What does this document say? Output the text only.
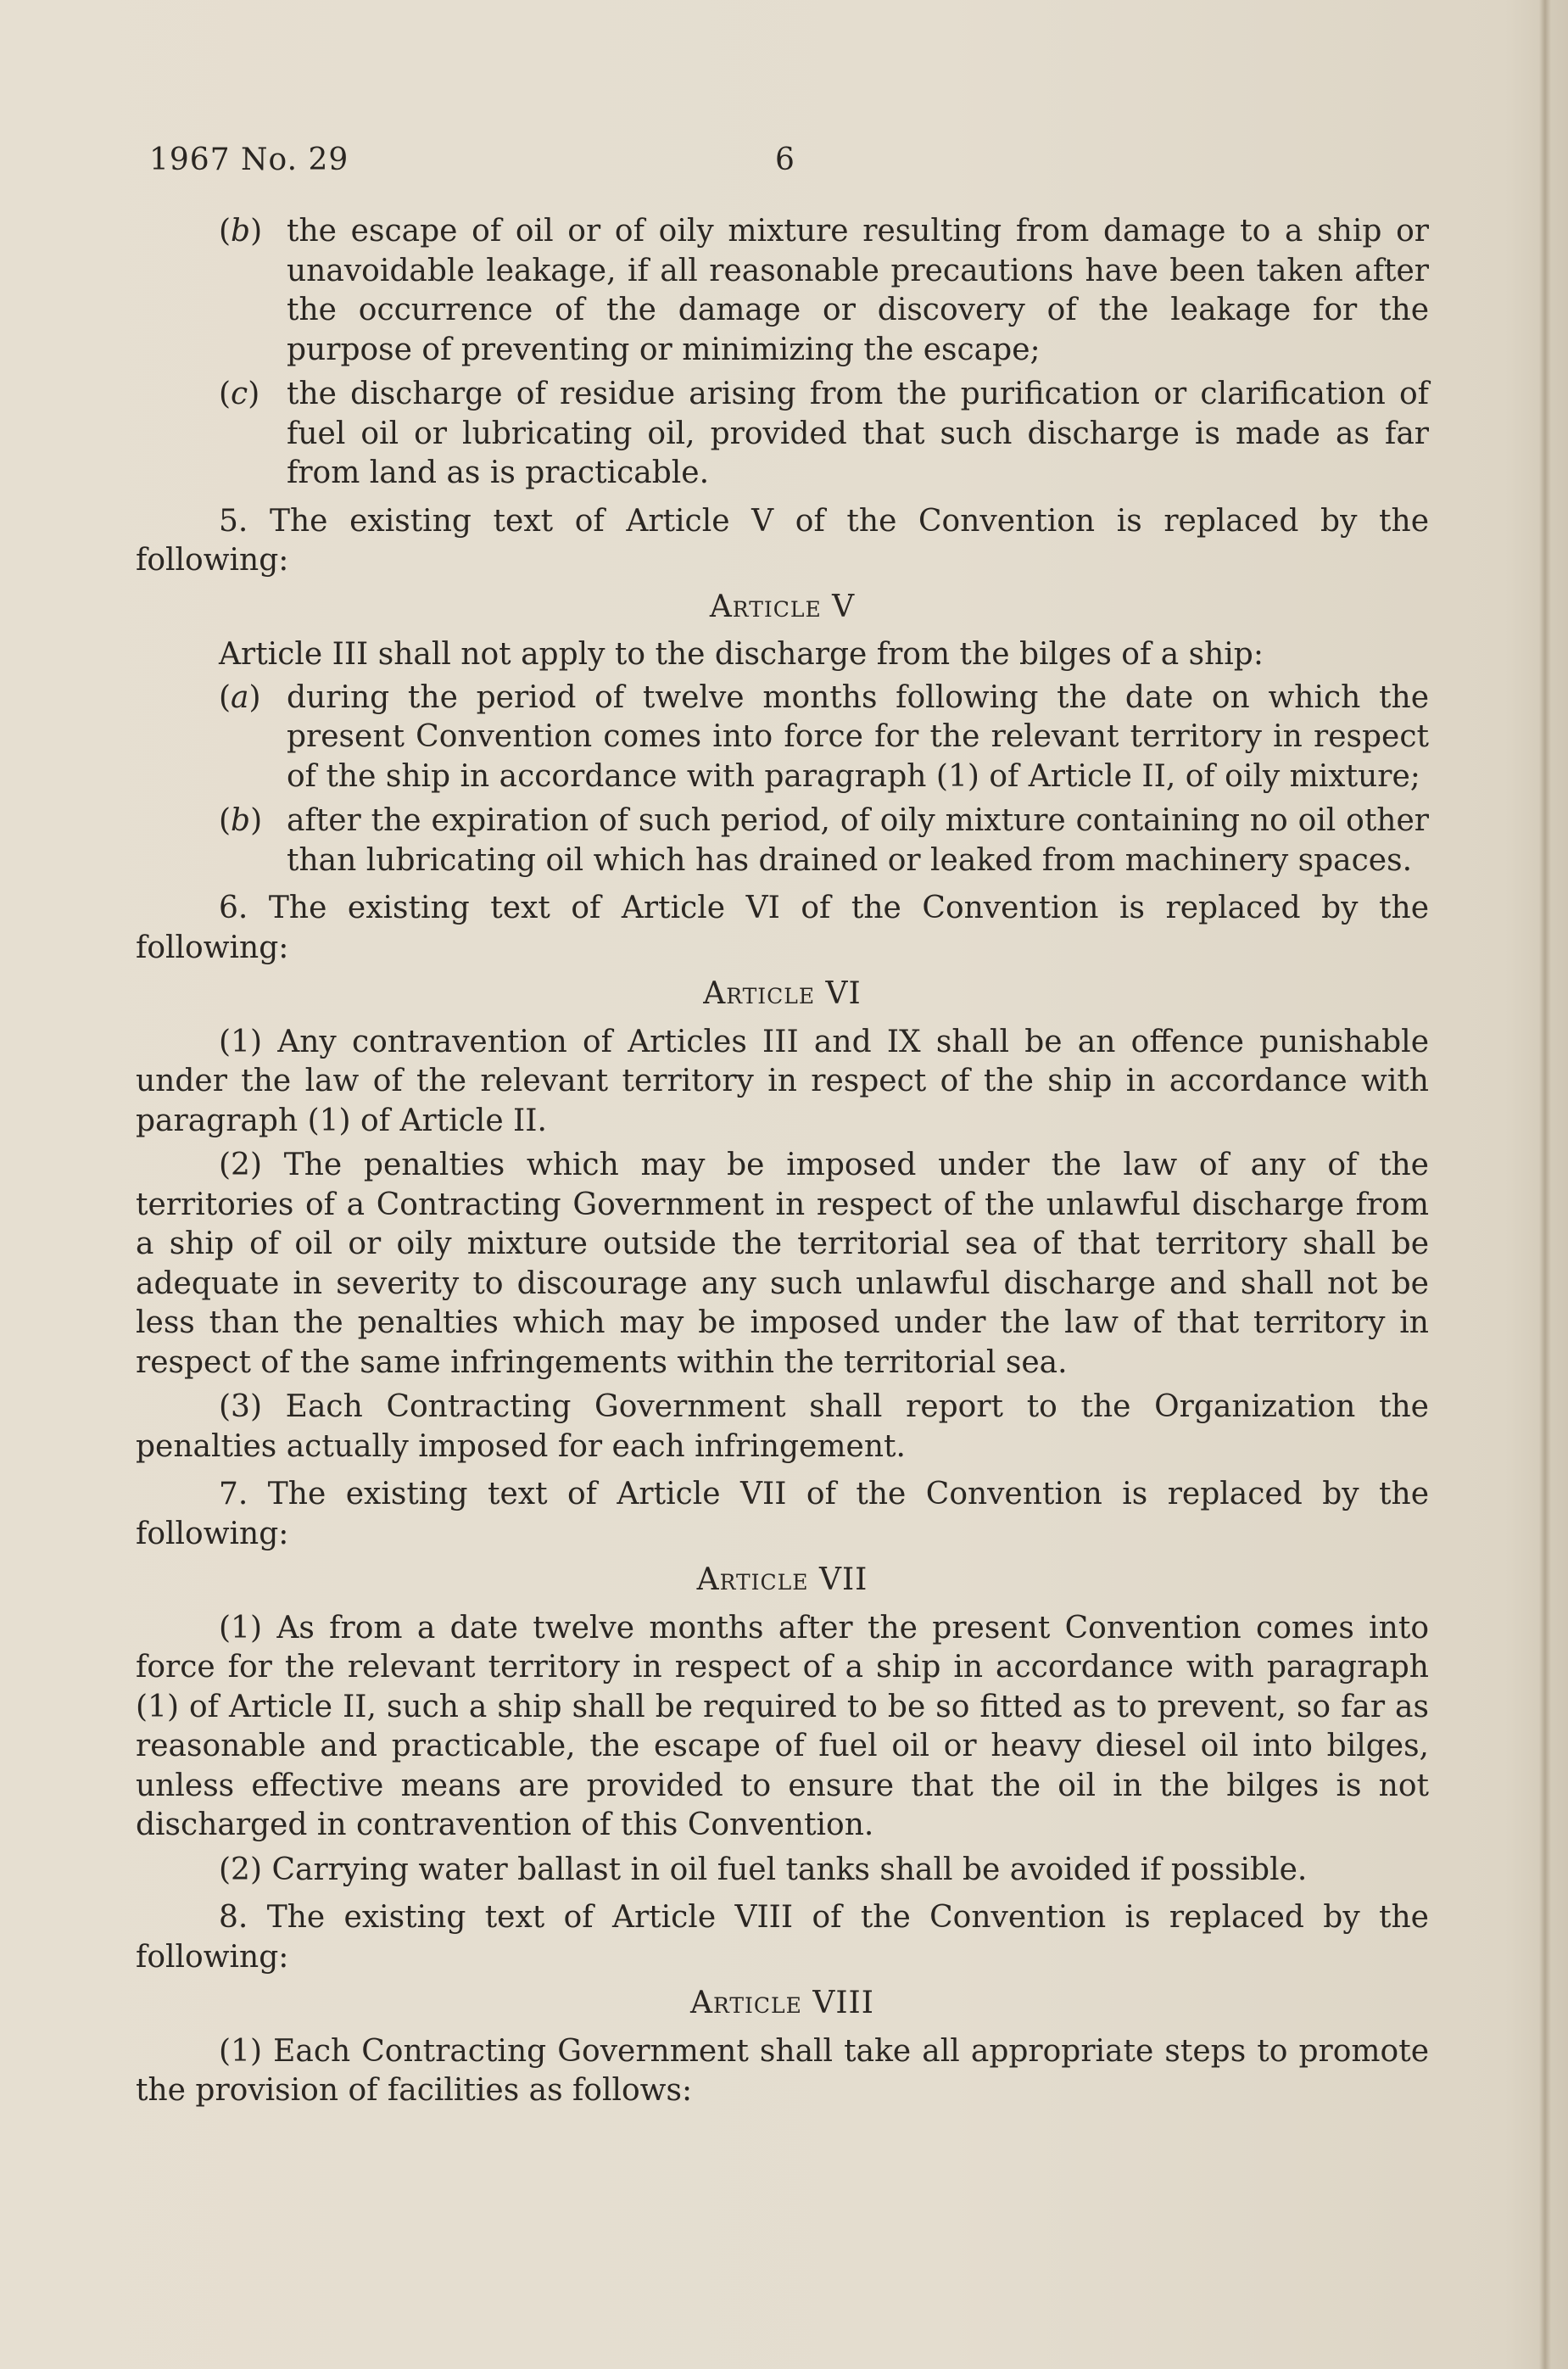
1967 No. 29	6
(b) the escape of oil or of oily mixture resulting from damage to a ship or unavoidable leakage, if all reasonable precautions have been taken after the occurrence of the damage or discovery of the leakage for the purpose of preventing or minimizing the escape;
(c) the discharge of residue arising from the purification or clarification of fuel oil or lubricating oil, provided that such discharge is made as far from land as is practicable.

5. The existing text of Article V of the Convention is replaced by the following:

Article V
Article III shall not apply to the discharge from the bilges of a ship:
(a) during the period of twelve months following the date on which the present Convention comes into force for the relevant territory in respect of the ship in accordance with paragraph (1) of Article II, of oily mixture;
(b) after the expiration of such period, of oily mixture containing no oil other than lubricating oil which has drained or leaked from machinery spaces.

6. The existing text of Article VI of the Convention is replaced by the following:

Article VI

(1) Any contravention of Articles III and IX shall be an offence punishable under the law of the relevant territory in respect of the ship in accordance with paragraph (1) of Article II.

(2) The penalties which may be imposed under the law of any of the territories of a Contracting Government in respect of the unlawful discharge from a ship of oil or oily mixture outside the territorial sea of that territory shall be adequate in severity to discourage any such unlawful discharge and shall not be less than the penalties which may be imposed under the law of that territory in respect of the same infringements within the territorial sea.

(3) Each Contracting Government shall report to the Organization the penalties actually imposed for each infringement.

7. The existing text of Article VII of the Convention is replaced by the following:

Article VII

(1) As from a date twelve months after the present Convention comes into force for the relevant territory in respect of a ship in accordance with paragraph (1) of Article II, such a ship shall be required to be so fitted as to prevent, so far as reasonable and practicable, the escape of fuel oil or heavy diesel oil into bilges, unless effective means are provided to ensure that the oil in the bilges is not discharged in contravention of this Convention.

(2) Carrying water ballast in oil fuel tanks shall be avoided if possible.

8. The existing text of Article VIII of the Convention is replaced by the following:

Article VIII

(1) Each Contracting Government shall take all appropriate steps to promote the provision of facilities as follows:
